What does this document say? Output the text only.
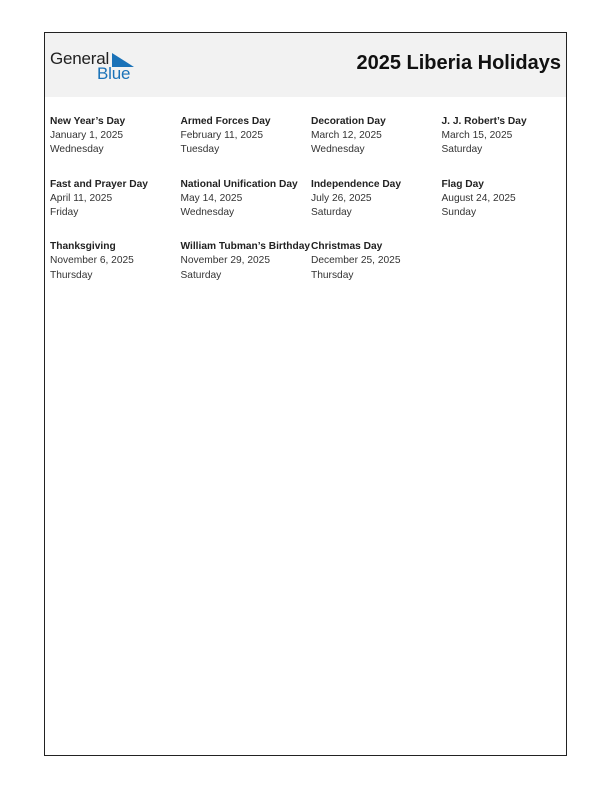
General
Blue	2025 Liberia Holidays
New Year’s Day
January 1, 2025
Wednesday
Armed Forces Day
February 11, 2025
Tuesday
Decoration Day
March 12, 2025
Wednesday
J. J. Robert’s Day
March 15, 2025
Saturday
Fast and Prayer Day
April 11, 2025
Friday
National Unification Day
May 14, 2025
Wednesday
Independence Day
July 26, 2025
Saturday
Flag Day
August 24, 2025
Sunday
Thanksgiving
November 6, 2025
Thursday
William Tubman’s Birthday
November 29, 2025
Saturday
Christmas Day
December 25, 2025
Thursday
